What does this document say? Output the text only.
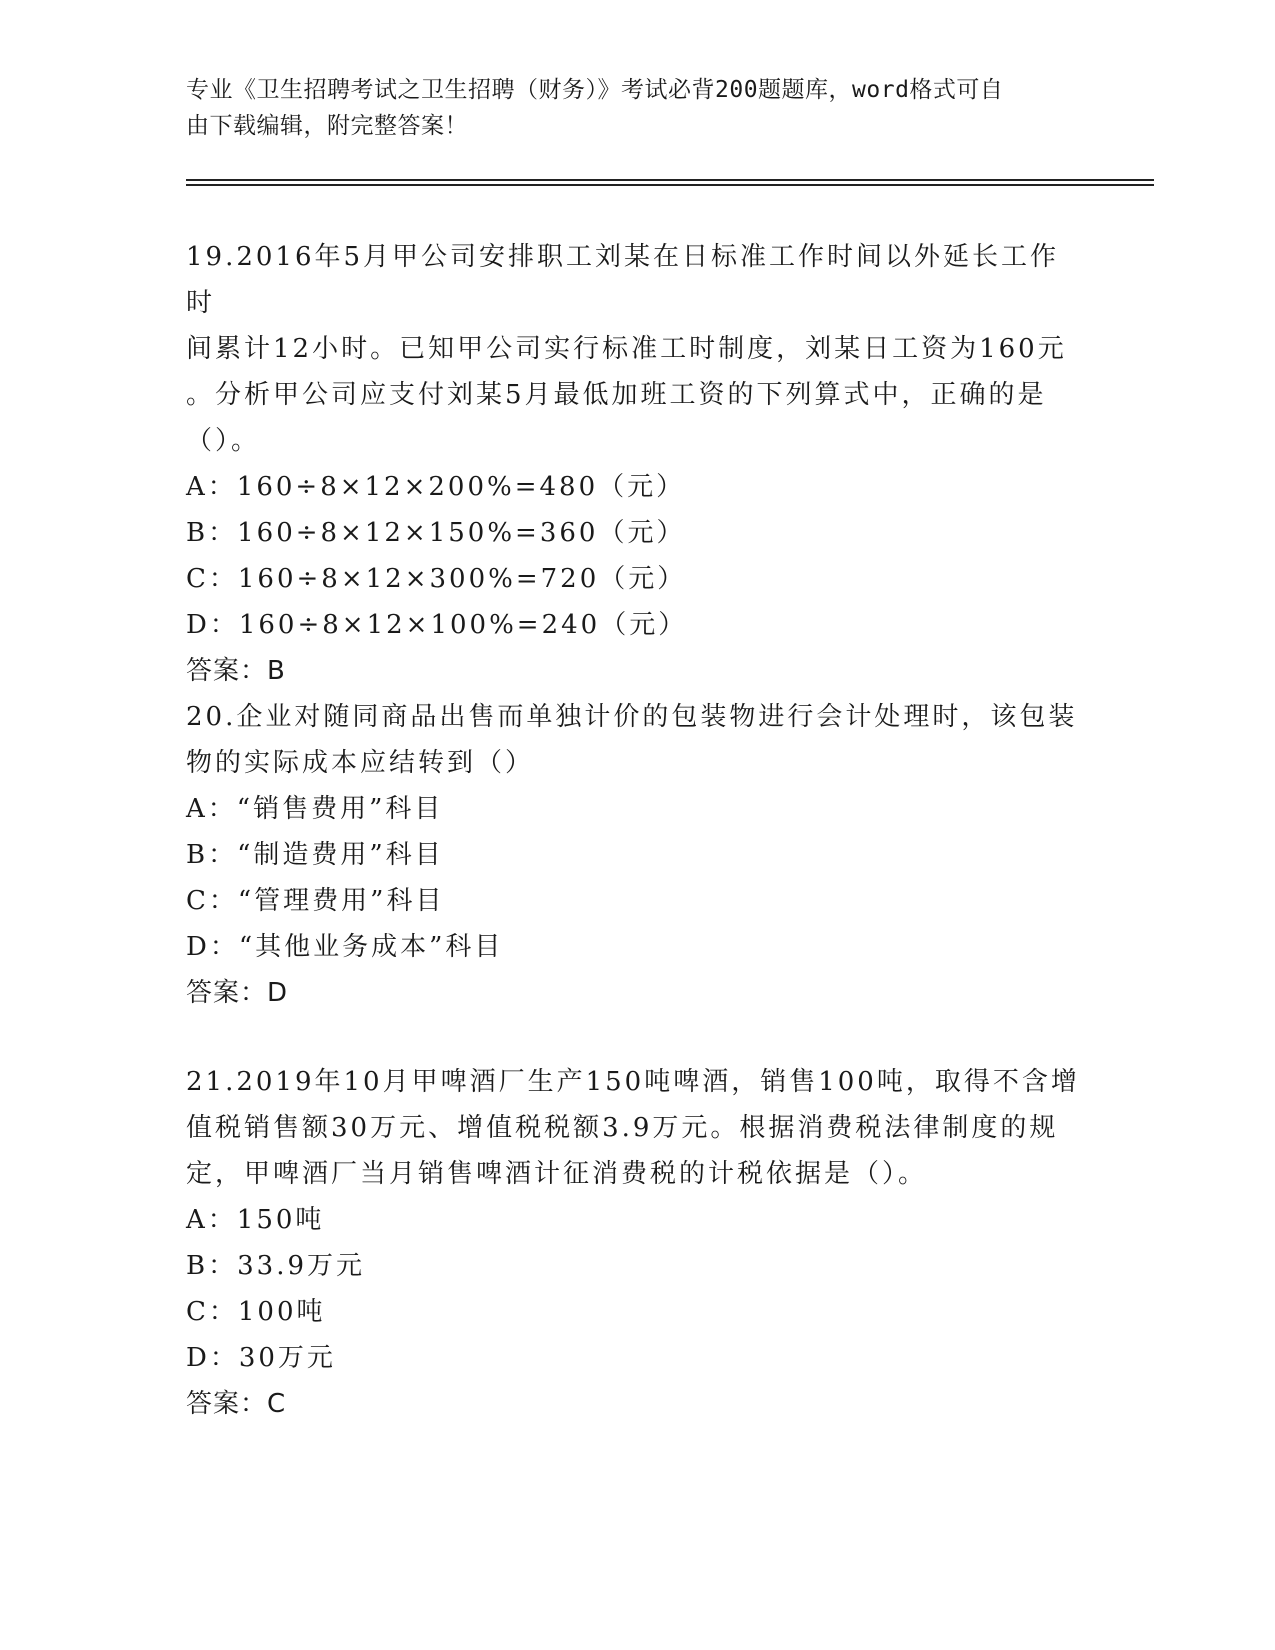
专业《卫生招聘考试之卫生招聘（财务）》考试必背200题题库，word格式可自
由下载编辑，附完整答案！

19.2016年5月甲公司安排职工刘某在日标准工作时间以外延长工作时

间累计12小时。已知甲公司实行标准工时制度，刘某日工资为160元

。分析甲公司应支付刘某5月最低加班工资的下列算式中，正确的是

（）。

A：160÷8×12×200%=480（元）

B：160÷8×12×150%=360（元）

C：160÷8×12×300%=720（元）

D：160÷8×12×100%=240（元）

答案：B

20.企业对随同商品出售而单独计价的包装物进行会计处理时，该包装

物的实际成本应结转到（）

A：“销售费用”科目

B：“制造费用”科目

C：“管理费用”科目

D：“其他业务成本”科目

答案：D

21.2019年10月甲啤酒厂生产150吨啤酒，销售100吨，取得不含增

值税销售额30万元、增值税税额3.9万元。根据消费税法律制度的规

定，甲啤酒厂当月销售啤酒计征消费税的计税依据是（）。

A：150吨

B：33.9万元

C：100吨

D：30万元

答案：C
